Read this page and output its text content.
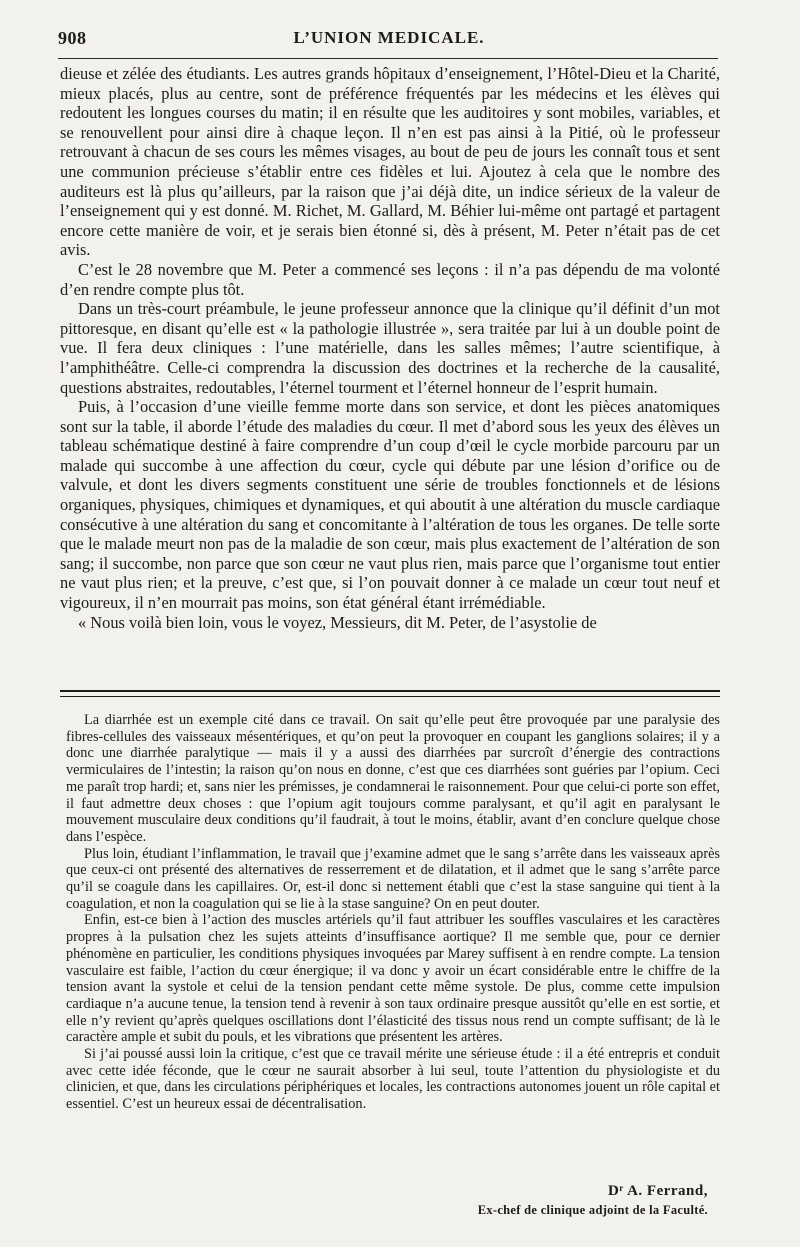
908	L’UNION MEDICALE.

dieuse et zélée des étudiants. Les autres grands hôpitaux d’enseignement, l’Hôtel-Dieu et la Charité, mieux placés, plus au centre, sont de préférence fréquentés par les médecins et les élèves qui redoutent les longues courses du matin; il en résulte que les auditoires y sont mobiles, variables, et se renouvellent pour ainsi dire à chaque leçon. Il n’en est pas ainsi à la Pitié, où le professeur retrouvant à chacun de ses cours les mêmes visages, au bout de peu de jours les connaît tous et sent une communion précieuse s’établir entre ces fidèles et lui. Ajoutez à cela que le nombre des auditeurs est là plus qu’ailleurs, par la raison que j’ai déjà dite, un indice sérieux de la valeur de l’enseignement qui y est donné. M. Richet, M. Gallard, M. Béhier lui-même ont partagé et partagent encore cette manière de voir, et je serais bien étonné si, dès à présent, M. Peter n’était pas de cet avis.

C’est le 28 novembre que M. Peter a commencé ses leçons : il n’a pas dépendu de ma volonté d’en rendre compte plus tôt.

Dans un très-court préambule, le jeune professeur annonce que la clinique qu’il définit d’un mot pittoresque, en disant qu’elle est « la pathologie illustrée », sera traitée par lui à un double point de vue. Il fera deux cliniques : l’une matérielle, dans les salles mêmes; l’autre scientifique, à l’amphithéâtre. Celle-ci comprendra la discussion des doctrines et la recherche de la causalité, questions abstraites, redoutables, l’éternel tourment et l’éternel honneur de l’esprit humain.

Puis, à l’occasion d’une vieille femme morte dans son service, et dont les pièces anatomiques sont sur la table, il aborde l’étude des maladies du cœur. Il met d’abord sous les yeux des élèves un tableau schématique destiné à faire comprendre d’un coup d’œil le cycle morbide parcouru par un malade qui succombe à une affection du cœur, cycle qui débute par une lésion d’orifice ou de valvule, et dont les divers segments constituent une série de troubles fonctionnels et de lésions organiques, physiques, chimiques et dynamiques, et qui aboutit à une altération du muscle cardiaque consécutive à une altération du sang et concomitante à l’altération de tous les organes. De telle sorte que le malade meurt non pas de la maladie de son cœur, mais plus exactement de l’altération de son sang; il succombe, non parce que son cœur ne vaut plus rien, mais parce que l’organisme tout entier ne vaut plus rien; et la preuve, c’est que, si l’on pouvait donner à ce malade un cœur tout neuf et vigoureux, il n’en mourrait pas moins, son état général étant irrémédiable.

« Nous voilà bien loin, vous le voyez, Messieurs, dit M. Peter, de l’asystolie de

La diarrhée est un exemple cité dans ce travail. On sait qu’elle peut être provoquée par une paralysie des fibres-cellules des vaisseaux mésentériques, et qu’on peut la provoquer en coupant les ganglions solaires; il y a donc une diarrhée paralytique — mais il y a aussi des diarrhées par surcroît d’énergie des contractions vermiculaires de l’intestin; la raison qu’on nous en donne, c’est que ces diarrhées sont guéries par l’opium. Ceci me paraît trop hardi; et, sans nier les prémisses, je condamnerai le raisonnement. Pour que celui-ci porte son effet, il faut admettre deux choses : que l’opium agit toujours comme paralysant, et qu’il agit en paralysant le mouvement musculaire deux conditions qu’il faudrait, à tout le moins, établir, avant d’en conclure quelque chose dans l’espèce.

Plus loin, étudiant l’inflammation, le travail que j’examine admet que le sang s’arrête dans les vaisseaux après que ceux-ci ont présenté des alternatives de resserrement et de dilatation, et il admet que le sang s’arrête parce qu’il se coagule dans les capillaires. Or, est-il donc si nettement établi que c’est la stase sanguine qui tient à la coagulation, et non la coagulation qui se lie à la stase sanguine? On en peut douter.

Enfin, est-ce bien à l’action des muscles artériels qu’il faut attribuer les souffles vasculaires et les caractères propres à la pulsation chez les sujets atteints d’insuffisance aortique? Il me semble que, pour ce dernier phénomène en particulier, les conditions physiques invoquées par Marey suffisent à en rendre compte. La tension vasculaire est faible, l’action du cœur énergique; il va donc y avoir un écart considérable entre le chiffre de la tension avant la systole et celui de la tension pendant cette même systole. De plus, comme cette impulsion cardiaque n’a aucune tenue, la tension tend à revenir à son taux ordinaire presque aussitôt qu’elle en est sortie, et elle n’y revient qu’après quelques oscillations dont l’élasticité des tissus nous rend un compte suffisant; de là le caractère ample et subit du pouls, et les vibrations que présentent les artères.

Si j’ai poussé aussi loin la critique, c’est que ce travail mérite une sérieuse étude : il a été entrepris et conduit avec cette idée féconde, que le cœur ne saurait absorber à lui seul, toute l’attention du physiologiste et du clinicien, et que, dans les circulations périphériques et locales, les contractions autonomes jouent un rôle capital et essentiel. C’est un heureux essai de décentralisation.

Dʳ A. Ferrand,
Ex-chef de clinique adjoint de la Faculté.
